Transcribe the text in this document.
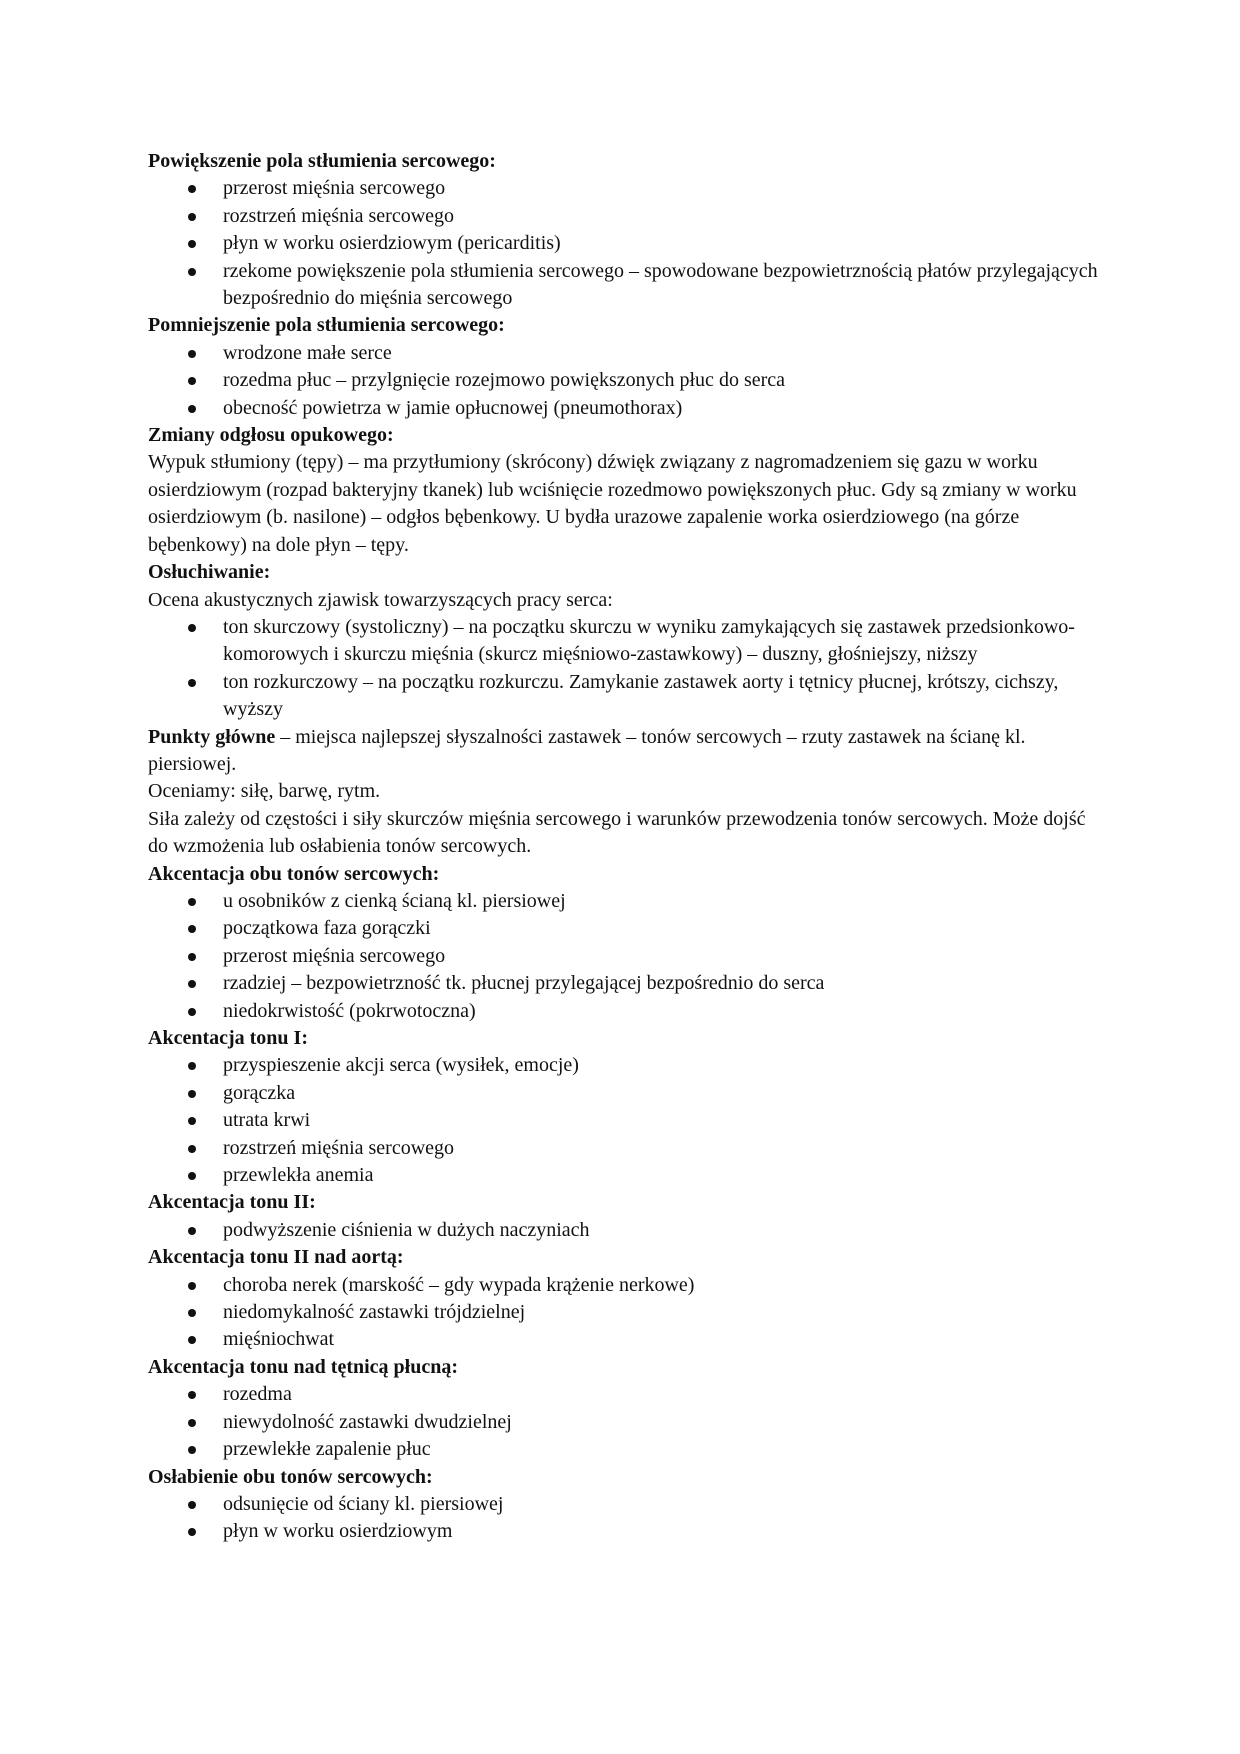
Powiększenie pola stłumienia sercowego:
przerost mięśnia sercowego
rozstrzeń mięśnia sercowego
płyn w worku osierdziowym (pericarditis)
rzekome powiększenie pola stłumienia sercowego – spowodowane bezpowietrznością płatów przylegających bezpośrednio do mięśnia sercowego
Pomniejszenie pola stłumienia sercowego:
wrodzone małe serce
rozedma płuc – przylgnięcie rozejmowo powiększonych płuc do serca
obecność powietrza w jamie opłucnowej (pneumothorax)
Zmiany odgłosu opukowego:

Wypuk stłumiony (tępy) – ma przytłumiony (skrócony) dźwięk związany z nagromadzeniem się gazu w worku osierdziowym (rozpad bakteryjny tkanek) lub wciśnięcie rozedmowo powiększonych płuc. Gdy są zmiany w worku osierdziowym (b. nasilone) – odgłos bębenkowy. U bydła urazowe zapalenie worka osierdziowego (na górze bębenkowy) na dole płyn – tępy.

Osłuchiwanie:

Ocena akustycznych zjawisk towarzyszących pracy serca:

ton skurczowy (systoliczny) – na początku skurczu w wyniku zamykających się zastawek przedsionkowo-komorowych i skurczu mięśnia (skurcz mięśniowo-zastawkowy) – duszny, głośniejszy, niższy
ton rozkurczowy – na początku rozkurczu. Zamykanie zastawek aorty i tętnicy płucnej, krótszy, cichszy, wyższy

Punkty główne – miejsca najlepszej słyszalności zastawek – tonów sercowych – rzuty zastawek na ścianę kl. piersiowej.

Oceniamy: siłę, barwę, rytm.

Siła zależy od częstości i siły skurczów mięśnia sercowego i warunków przewodzenia tonów sercowych. Może dojść do wzmożenia lub osłabienia tonów sercowych.

Akcentacja obu tonów sercowych:
u osobników z cienką ścianą kl. piersiowej
początkowa faza gorączki
przerost mięśnia sercowego
rzadziej – bezpowietrzność tk. płucnej przylegającej bezpośrednio do serca
niedokrwistość (pokrwotoczna)
Akcentacja tonu I:
przyspieszenie akcji serca (wysiłek, emocje)
gorączka
utrata krwi
rozstrzeń mięśnia sercowego
przewlekła anemia
Akcentacja tonu II:
podwyższenie ciśnienia w dużych naczyniach
Akcentacja tonu II nad aortą:
choroba nerek (marskość – gdy wypada krążenie nerkowe)
niedomykalność zastawki trójdzielnej
mięśniochwat
Akcentacja tonu nad tętnicą płucną:
rozedma
niewydolność zastawki dwudzielnej
przewlekłe zapalenie płuc
Osłabienie obu tonów sercowych:
odsunięcie od ściany kl. piersiowej
płyn w worku osierdziowym
